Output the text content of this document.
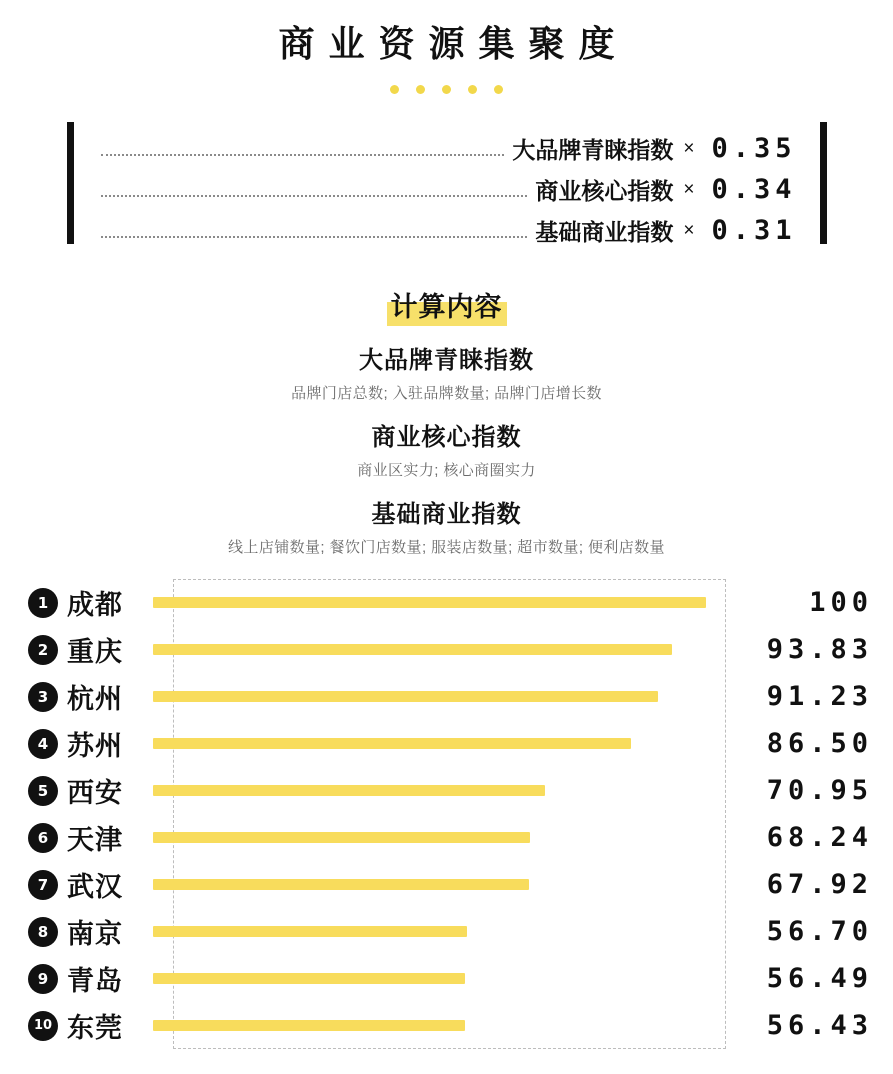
商业资源集聚度
大品牌青睐指数 × 0.35
商业核心指数 × 0.34
基础商业指数 × 0.31
计算内容
大品牌青睐指数
品牌门店总数; 入驻品牌数量; 品牌门店增长数
商业核心指数
商业区实力; 核心商圈实力
基础商业指数
线上店铺数量; 餐饮门店数量; 服装店数量; 超市数量; 便利店数量
1 成都	100
2 重庆	93.83
3 杭州	91.23
4 苏州	86.50
5 西安	70.95
6 天津	68.24
7 武汉	67.92
8 南京	56.70
9 青岛	56.49
10 东莞	56.43
